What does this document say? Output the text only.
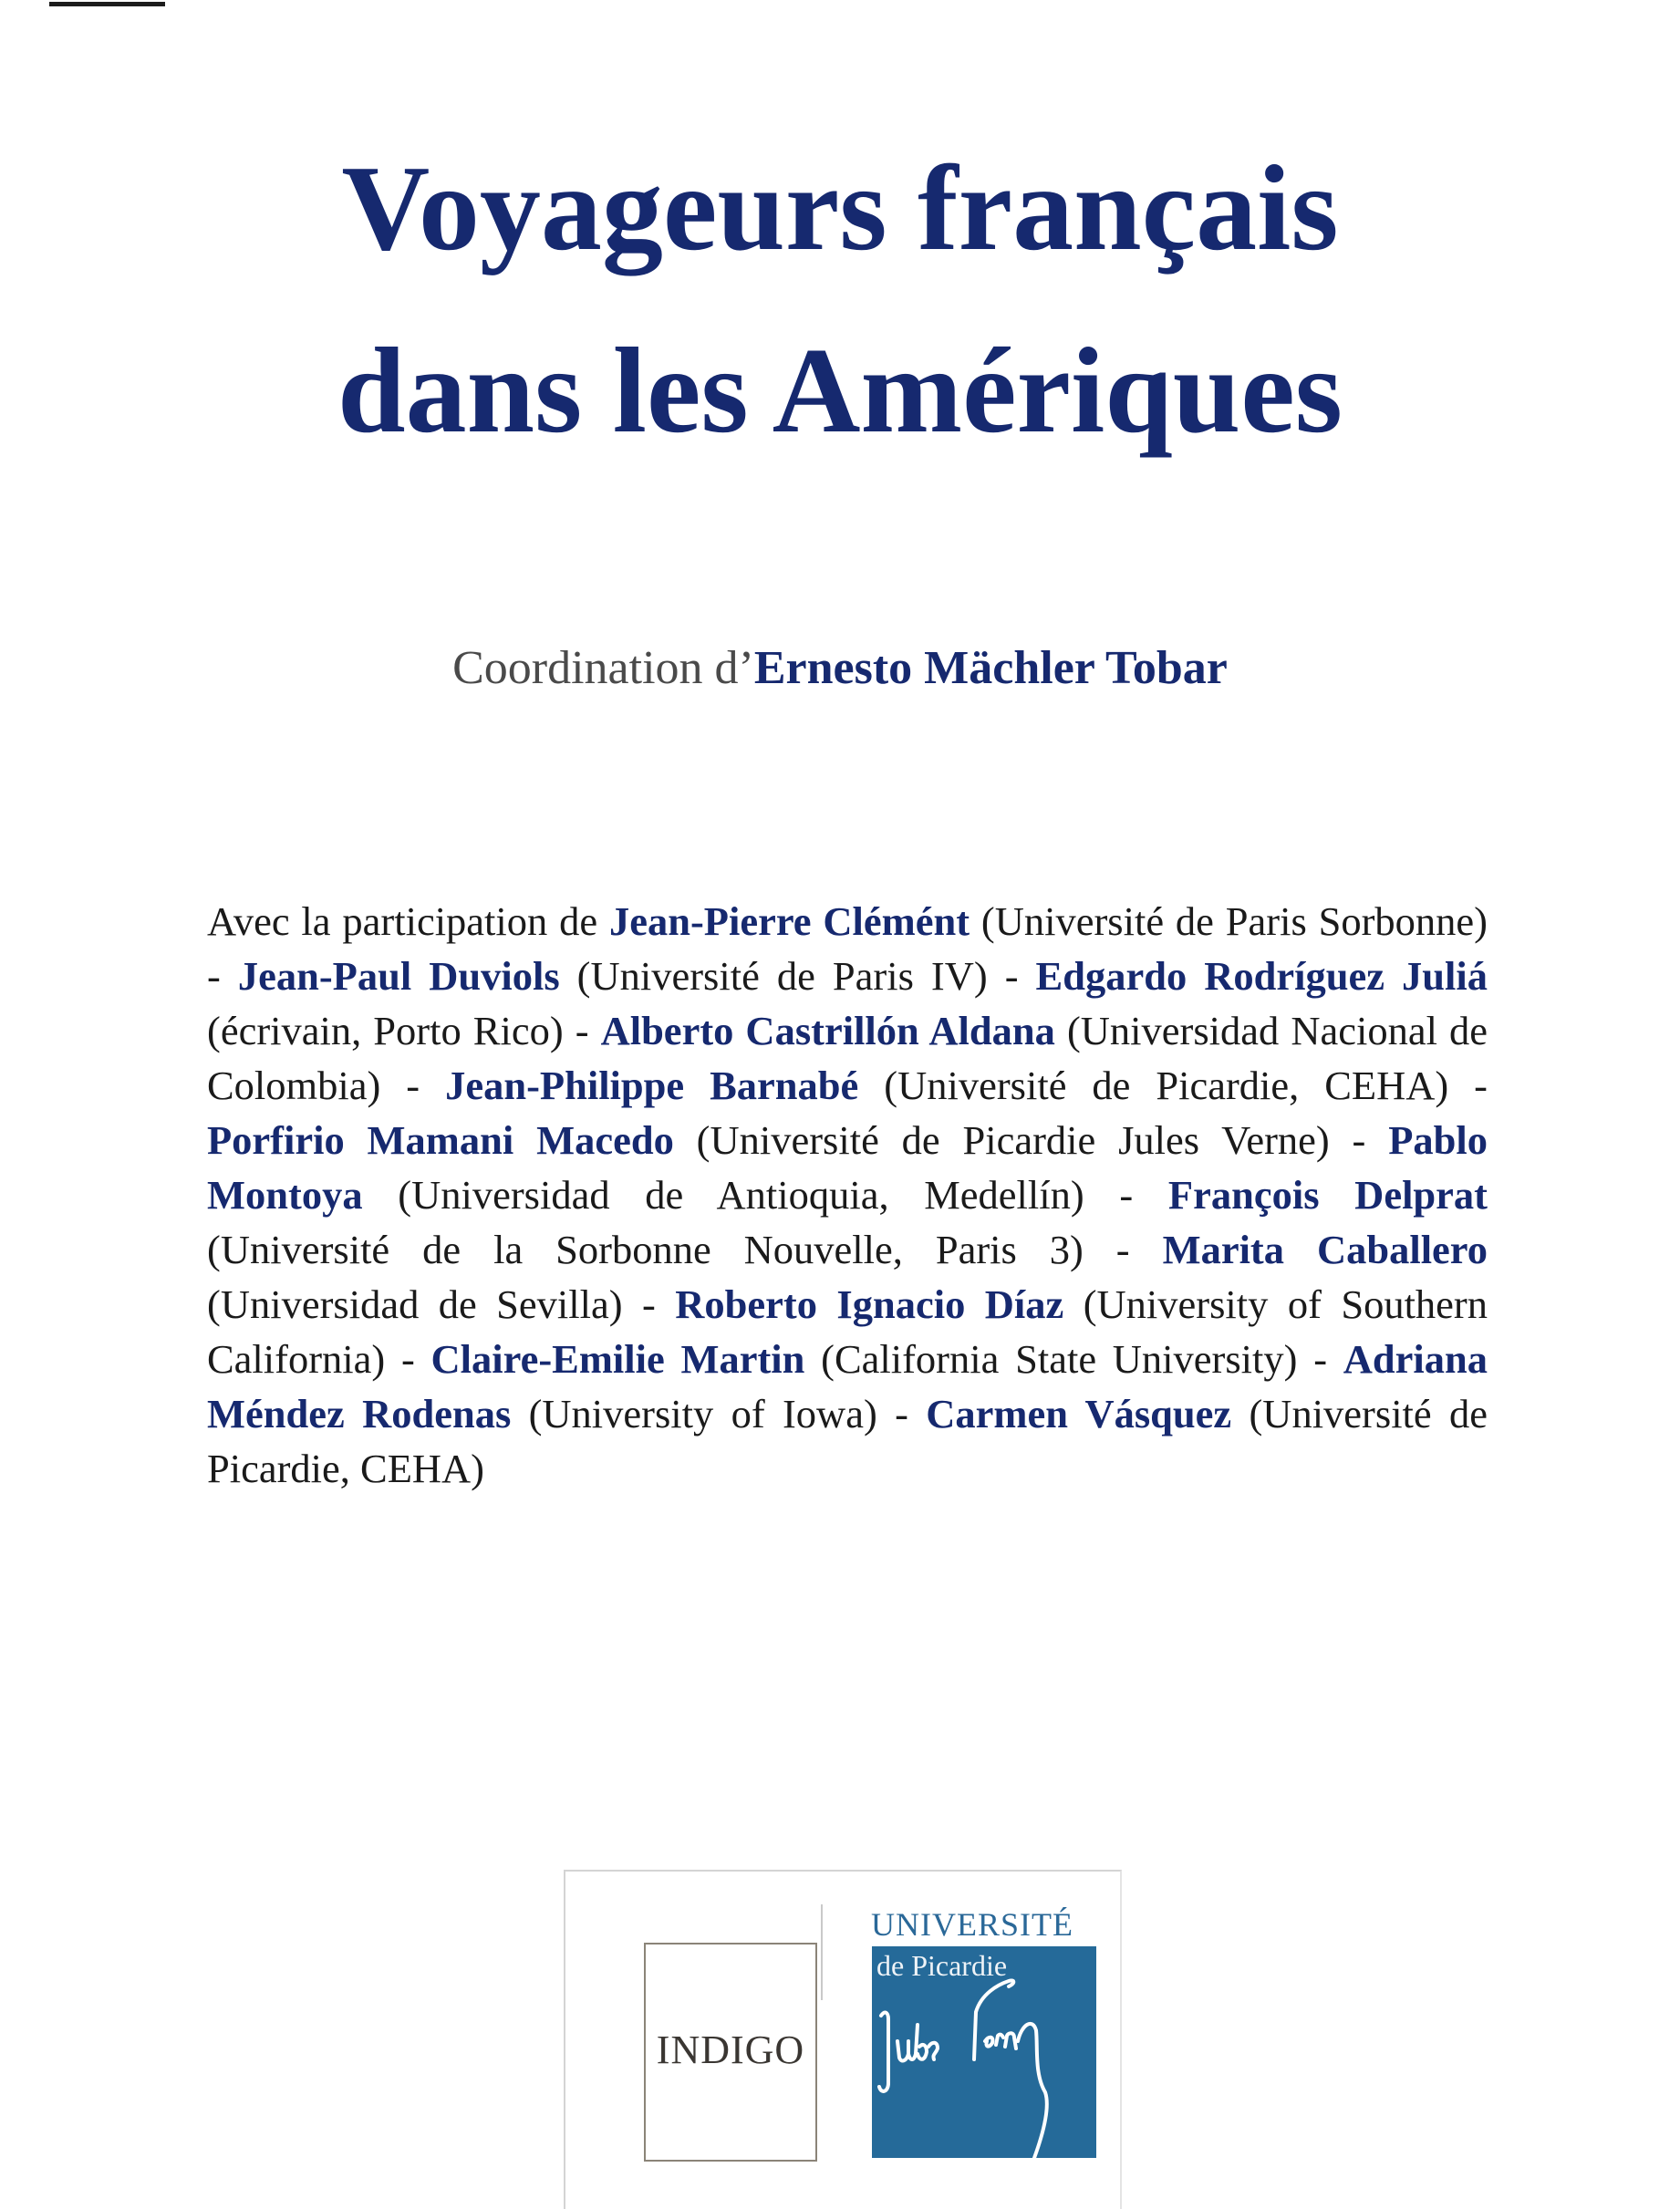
Voyageurs français
dans les Amériques
Coordination d’Ernesto Mächler Tobar

Avec la participation de Jean-Pierre Clémént (Université de Paris Sorbonne) - Jean-Paul Duviols (Université de Paris IV) - Edgardo Rodríguez Juliá (écrivain, Porto Rico) - Alberto Castrillón Aldana (Universidad Nacional de Colombia) - Jean-Philippe Barnabé (Université de Picardie, CEHA) - Porfirio Mamani Macedo (Université de Picardie Jules Verne) - Pablo Montoya (Universidad de Antioquia, Medellín) - François Delprat (Université de la Sorbonne Nouvelle, Paris 3) - Marita Caballero (Universidad de Sevilla) - Roberto Ignacio Díaz (University of Southern California) - Claire-Emilie Martin (California State University) - Adriana Méndez Rodenas (University of Iowa) - Carmen Vásquez (Université de Picardie, CEHA)

INDIGO
UNIVERSITÉ
de Picardie
